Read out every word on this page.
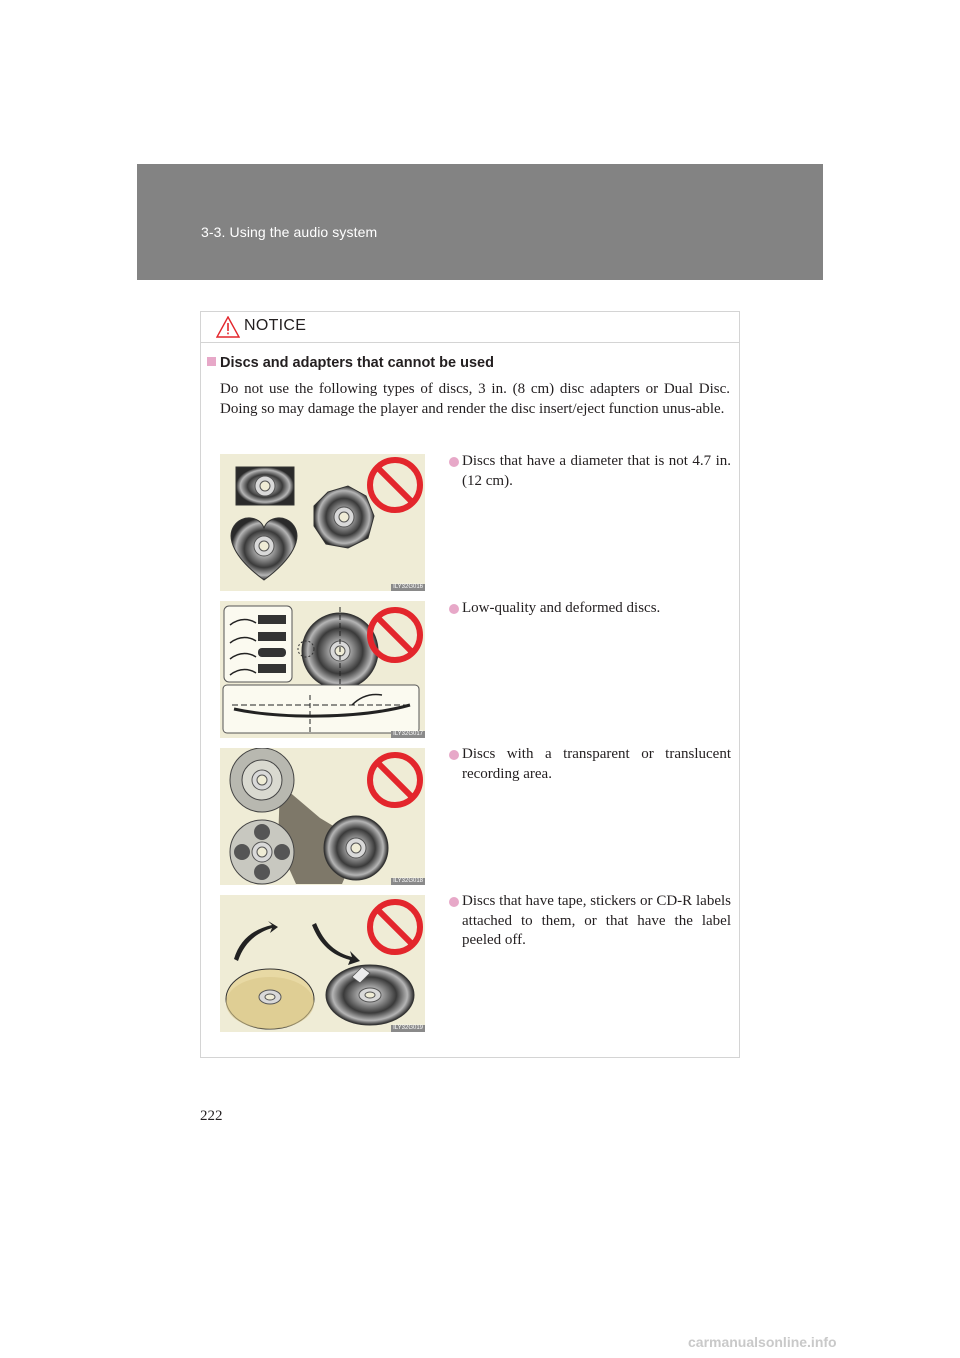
3-3. Using the audio system
NOTICE
Discs and adapters that cannot be used
Do not use the following types of discs, 3 in. (8 cm) disc adapters or Dual Disc. Doing so may damage the player and render the disc insert/eject function unus-able.
ILY32G016
Discs that have a diameter that is not 4.7 in. (12 cm).
ILY32G017
Low-quality and deformed discs.
ILY32G018
Discs with a transparent or translucent recording area.
ILY32G019
Discs that have tape, stickers or CD-R labels attached to them, or that have the label peeled off.
222
carmanualsonline.info
